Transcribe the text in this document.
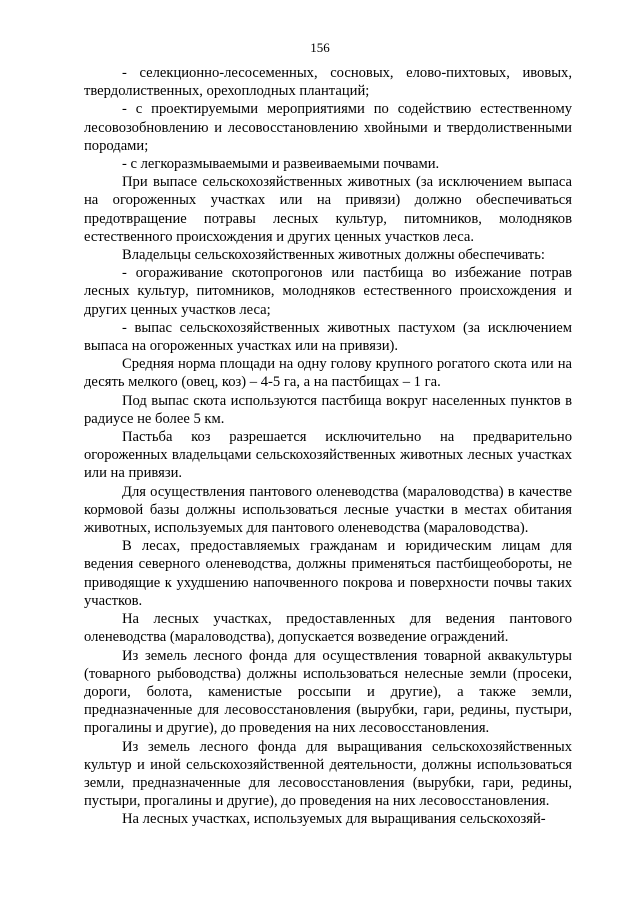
156

- селекционно-лесосеменных, сосновых, елово-пихтовых, ивовых, твердолиственных, орехоплодных плантаций;

- с проектируемыми мероприятиями по содействию естественному лесовозобновлению и лесовосстановлению хвойными и твердолиственными породами;

- с легкоразмываемыми и развеиваемыми почвами.

При выпасе сельскохозяйственных животных (за исключением выпаса на огороженных участках или на привязи) должно обеспечиваться предотвращение потравы лесных культур, питомников, молодняков естественного происхождения и других ценных участков леса.

Владельцы сельскохозяйственных животных должны обеспечивать:

- огораживание скотопрогонов или пастбища во избежание потрав лесных культур, питомников, молодняков естественного происхождения и других ценных участков леса;

- выпас сельскохозяйственных животных пастухом (за исключением выпаса на огороженных участках или на привязи).

Средняя норма площади на одну голову крупного рогатого скота или на десять мелкого (овец, коз) – 4-5 га, а на пастбищах – 1 га.

Под выпас скота используются пастбища вокруг населенных пунктов в радиусе не более 5 км.

Пастьба коз разрешается исключительно на предварительно огороженных владельцами сельскохозяйственных животных лесных участках или на привязи.

Для осуществления пантового оленеводства (мараловодства) в качестве кормовой базы должны использоваться лесные участки в местах обитания животных, используемых для пантового оленеводства (мараловодства).

В лесах, предоставляемых гражданам и юридическим лицам для ведения северного оленеводства, должны применяться пастбищеобороты, не приводящие к ухудшению напочвенного покрова и поверхности почвы таких участков.

На лесных участках, предоставленных для ведения пантового оленеводства (мараловодства), допускается возведение ограждений.

Из земель лесного фонда для осуществления товарной аквакультуры (товарного рыбоводства) должны использоваться нелесные земли (просеки, дороги, болота, каменистые россыпи и другие), а также земли, предназначенные для лесовосстановления (вырубки, гари, редины, пустыри, прогалины и другие), до проведения на них лесовосстановления.

Из земель лесного фонда для выращивания сельскохозяйственных культур и иной сельскохозяйственной деятельности, должны использоваться земли, предназначенные для лесовосстановления (вырубки, гари, редины, пустыри, прогалины и другие), до проведения на них лесовосстановления.

На лесных участках, используемых для выращивания сельскохозяй-
